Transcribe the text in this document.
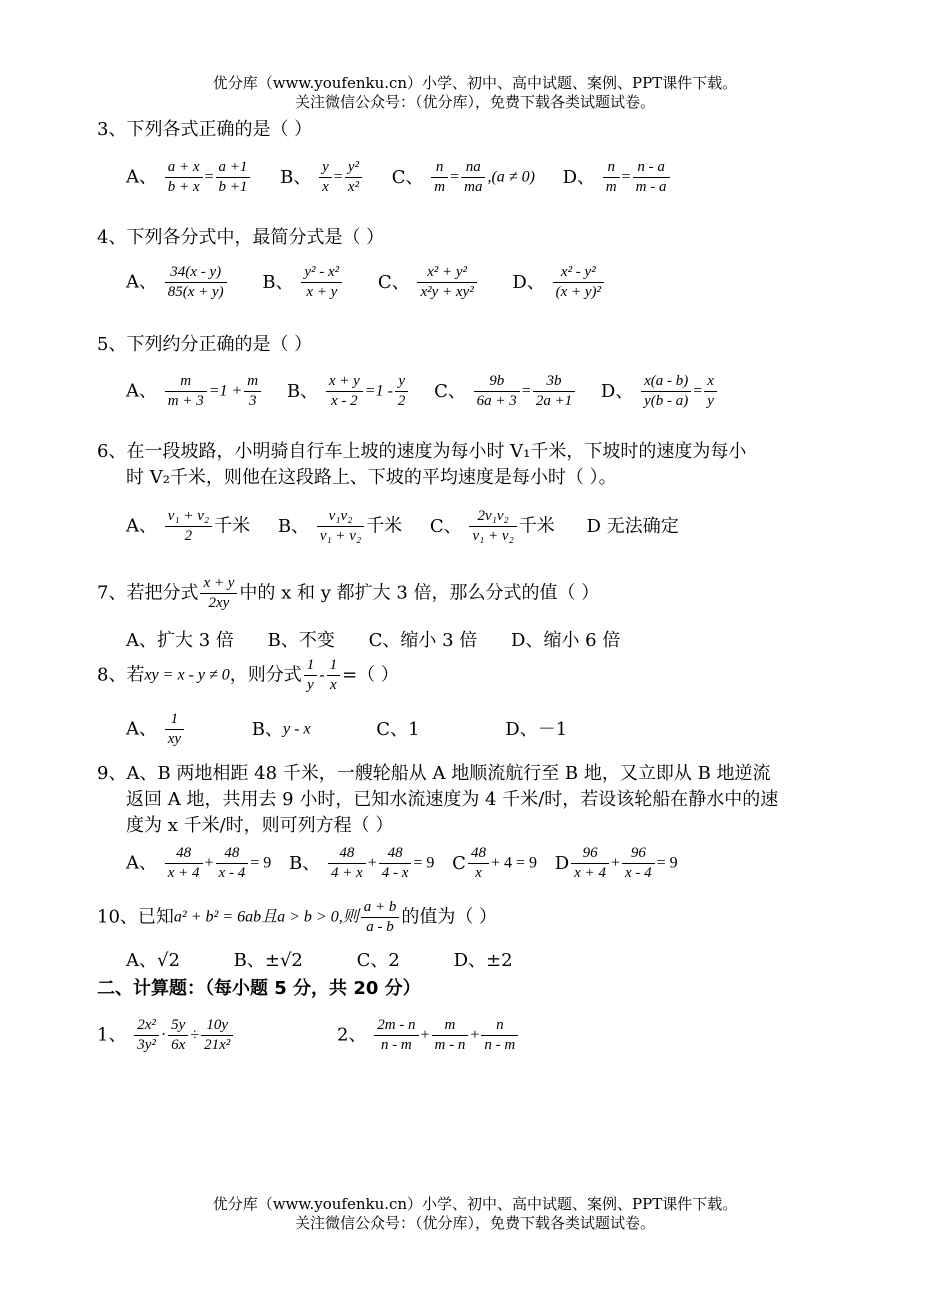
优分库（www.youfenku.cn）小学、初中、高中试题、案例、PPT课件下载。
关注微信公众号：（优分库），免费下载各类试题试卷。
3、下列各式正确的是（ ）
A、 $\frac{a + x}{b + x} = \frac{a +1}{b +1}$ B、 $\frac{y}{x} = \frac{\text{y²}}{\text{x²}}$ C、 $\frac{n}{m} = \frac{na}{ma} ,(a \ne 0)$ D、 $\frac{n}{m} = \frac{n - a}{m - a}$
4、下列各分式中，最简分式是（ ）
A、 $\frac{34(x - y)}{85(x + y)}$ B、 $\frac{\text{y² - x²}}{x + y}$ C、 $\frac{\text{x² + y²}}{\text{x²y + xy²}}$ D、 $\frac{\text{x² - y²}}{\text{(x + y)²}}$
5、下列约分正确的是（ ）
A、 $\frac{m}{m + 3} =1 + \frac{m}{3}$ B、 $\frac{x + y}{x - 2} =1 - \frac{y}{2}$ C、 $\frac{9b}{6a + 3} = \frac{3b}{2a +1}$ D、 $\frac{x(a - b)}{y(b - a)} = \frac{x}{y}$
6、在一段坡路，小明骑自行车上坡的速度为每小时 V₁千米，下坡时的速度为每小
时 V₂千米，则他在这段路上、下坡的平均速度是每小时（ ）。
A、 $\frac{\text{v₁ + v₂}}{2}$ 千米 B、 $\frac{\text{v₁v₂}}{\text{v₁ + v₂}}$ 千米 C、 $\frac{\text{2v₁v₂}}{\text{v₁ + v₂}}$ 千米 D 无法确定
7、若把分式 $\frac{x + y}{2xy}$ 中的 x 和 y 都扩大 3 倍，那么分式的值（ ）
A、扩大 3 倍 B、不变 C、缩小 3 倍 D、缩小 6 倍
8、若xy = x - y ≠ 0，则分式 $\frac{1}{y} - \frac{1}{x}$ =（ ）
A、 $\frac{1}{xy}$	B、y - x	C、1	D、－1
9、A、B 两地相距 48 千米，一艘轮船从 A 地顺流航行至 B 地，又立即从 B 地逆流
返回 A 地，共用去 9 小时，已知水流速度为 4 千米/时，若设该轮船在静水中的速
度为 x 千米/时，则可列方程（ ）
A、 $\frac{48}{x + 4} + \frac{48}{x - 4} = 9$ B、 $\frac{48}{4 + x} + \frac{48}{4 - x} = 9$ C $\frac{48}{x} + 4 = 9$ D $\frac{96}{x + 4} + \frac{96}{x - 4} = 9$
10、已知a² + b² = 6ab且a > b > 0,则 $\frac{a + b}{a - b}$ 的值为（ ）
A、√2	B、±√2	C、2	D、±2
二、计算题：（每小题 5 分，共 20 分）
1、 $\frac{\text{2x²}}{\text{3y²}} \cdot \frac{5y}{6x} \div \frac{10y}{\text{21x²}}$	2、 $\frac{2m - n}{n - m} + \frac{m}{m - n} + \frac{n}{n - m}$
优分库（www.youfenku.cn）小学、初中、高中试题、案例、PPT课件下载。
关注微信公众号：（优分库），免费下载各类试题试卷。
